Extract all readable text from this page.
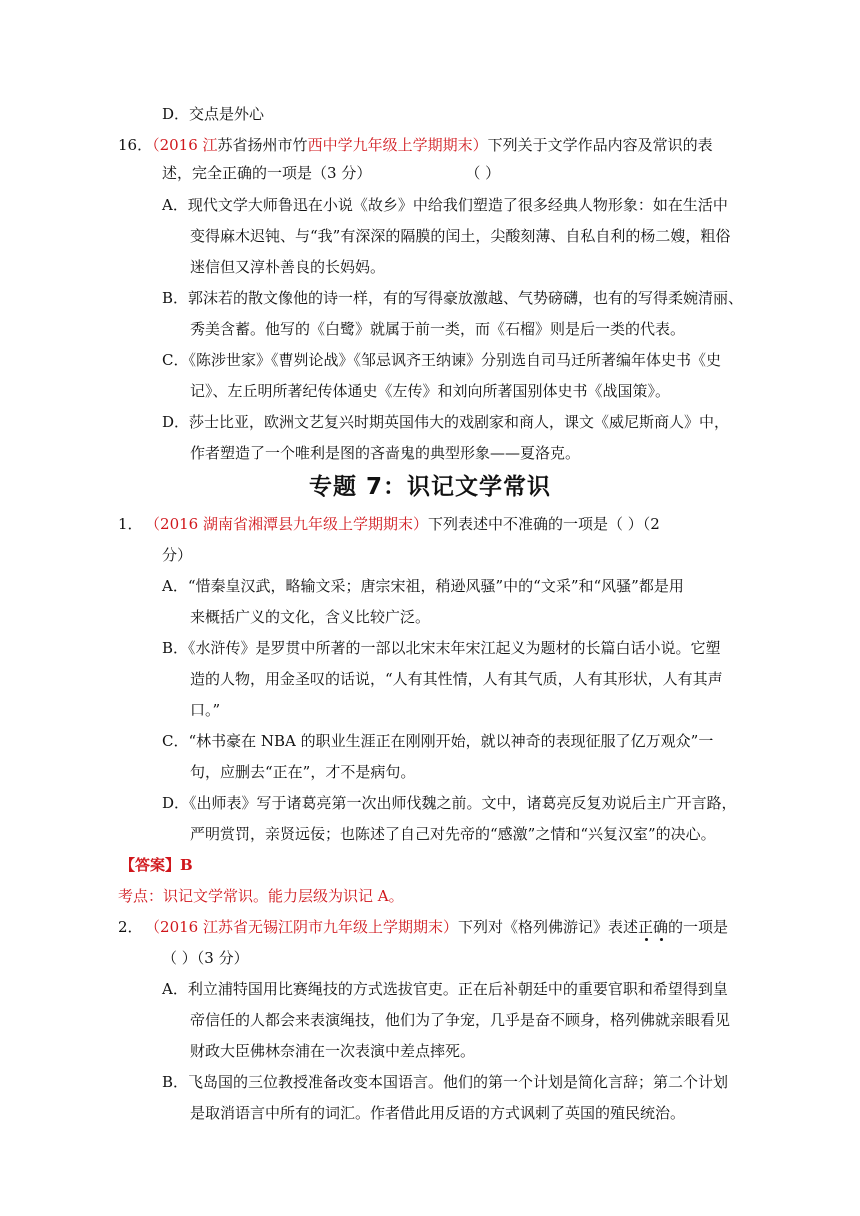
D．交点是外心
16．（2016 江苏省扬州市竹西中学九年级上学期期末）下列关于文学作品内容及常识的表
述，完全正确的一项是（3 分）	（ ）
A．现代文学大师鲁迅在小说《故乡》中给我们塑造了很多经典人物形象：如在生活中
变得麻木迟钝、与“我”有深深的隔膜的闰土，尖酸刻薄、自私自利的杨二嫂，粗俗
迷信但又淳朴善良的长妈妈。
B．郭沫若的散文像他的诗一样，有的写得豪放激越、气势磅礴，也有的写得柔婉清丽、
秀美含蓄。他写的《白鹭》就属于前一类，而《石榴》则是后一类的代表。
C．《陈涉世家》《曹刿论战》《邹忌讽齐王纳谏》分别选自司马迁所著编年体史书《史
记》、左丘明所著纪传体通史《左传》和刘向所著国别体史书《战国策》。
D．莎士比亚，欧洲文艺复兴时期英国伟大的戏剧家和商人，课文《威尼斯商人》中，
作者塑造了一个唯利是图的吝啬鬼的典型形象——夏洛克。
专题 7：识记文学常识
1． （2016 湖南省湘潭县九年级上学期期末）下列表述中不准确的一项是（ ）（2
分）
A．“惜秦皇汉武，略输文采；唐宗宋祖，稍逊风骚”中的“文采”和“风骚”都是用
来概括广义的文化，含义比较广泛。
B．《水浒传》是罗贯中所著的一部以北宋末年宋江起义为题材的长篇白话小说。它塑
造的人物，用金圣叹的话说，“人有其性情，人有其气质，人有其形状，人有其声
口。”
C．“林书豪在 NBA 的职业生涯正在刚刚开始，就以神奇的表现征服了亿万观众”一
句，应删去“正在”，才不是病句。
D．《出师表》写于诸葛亮第一次出师伐魏之前。文中，诸葛亮反复劝说后主广开言路，
严明赏罚，亲贤远佞；也陈述了自己对先帝的“感激”之情和“兴复汉室”的决心。
【答案】B
考点：识记文学常识。能力层级为识记 A。
2． （2016 江苏省无锡江阴市九年级上学期期末）下列对《格列佛游记》表述正确的一项是
（ ）（3 分）
A．利立浦特国用比赛绳技的方式选拔官吏。正在后补朝廷中的重要官职和希望得到皇
帝信任的人都会来表演绳技，他们为了争宠，几乎是奋不顾身，格列佛就亲眼看见
财政大臣佛林奈浦在一次表演中差点摔死。
B．飞岛国的三位教授准备改变本国语言。他们的第一个计划是简化言辞；第二个计划
是取消语言中所有的词汇。作者借此用反语的方式讽刺了英国的殖民统治。
